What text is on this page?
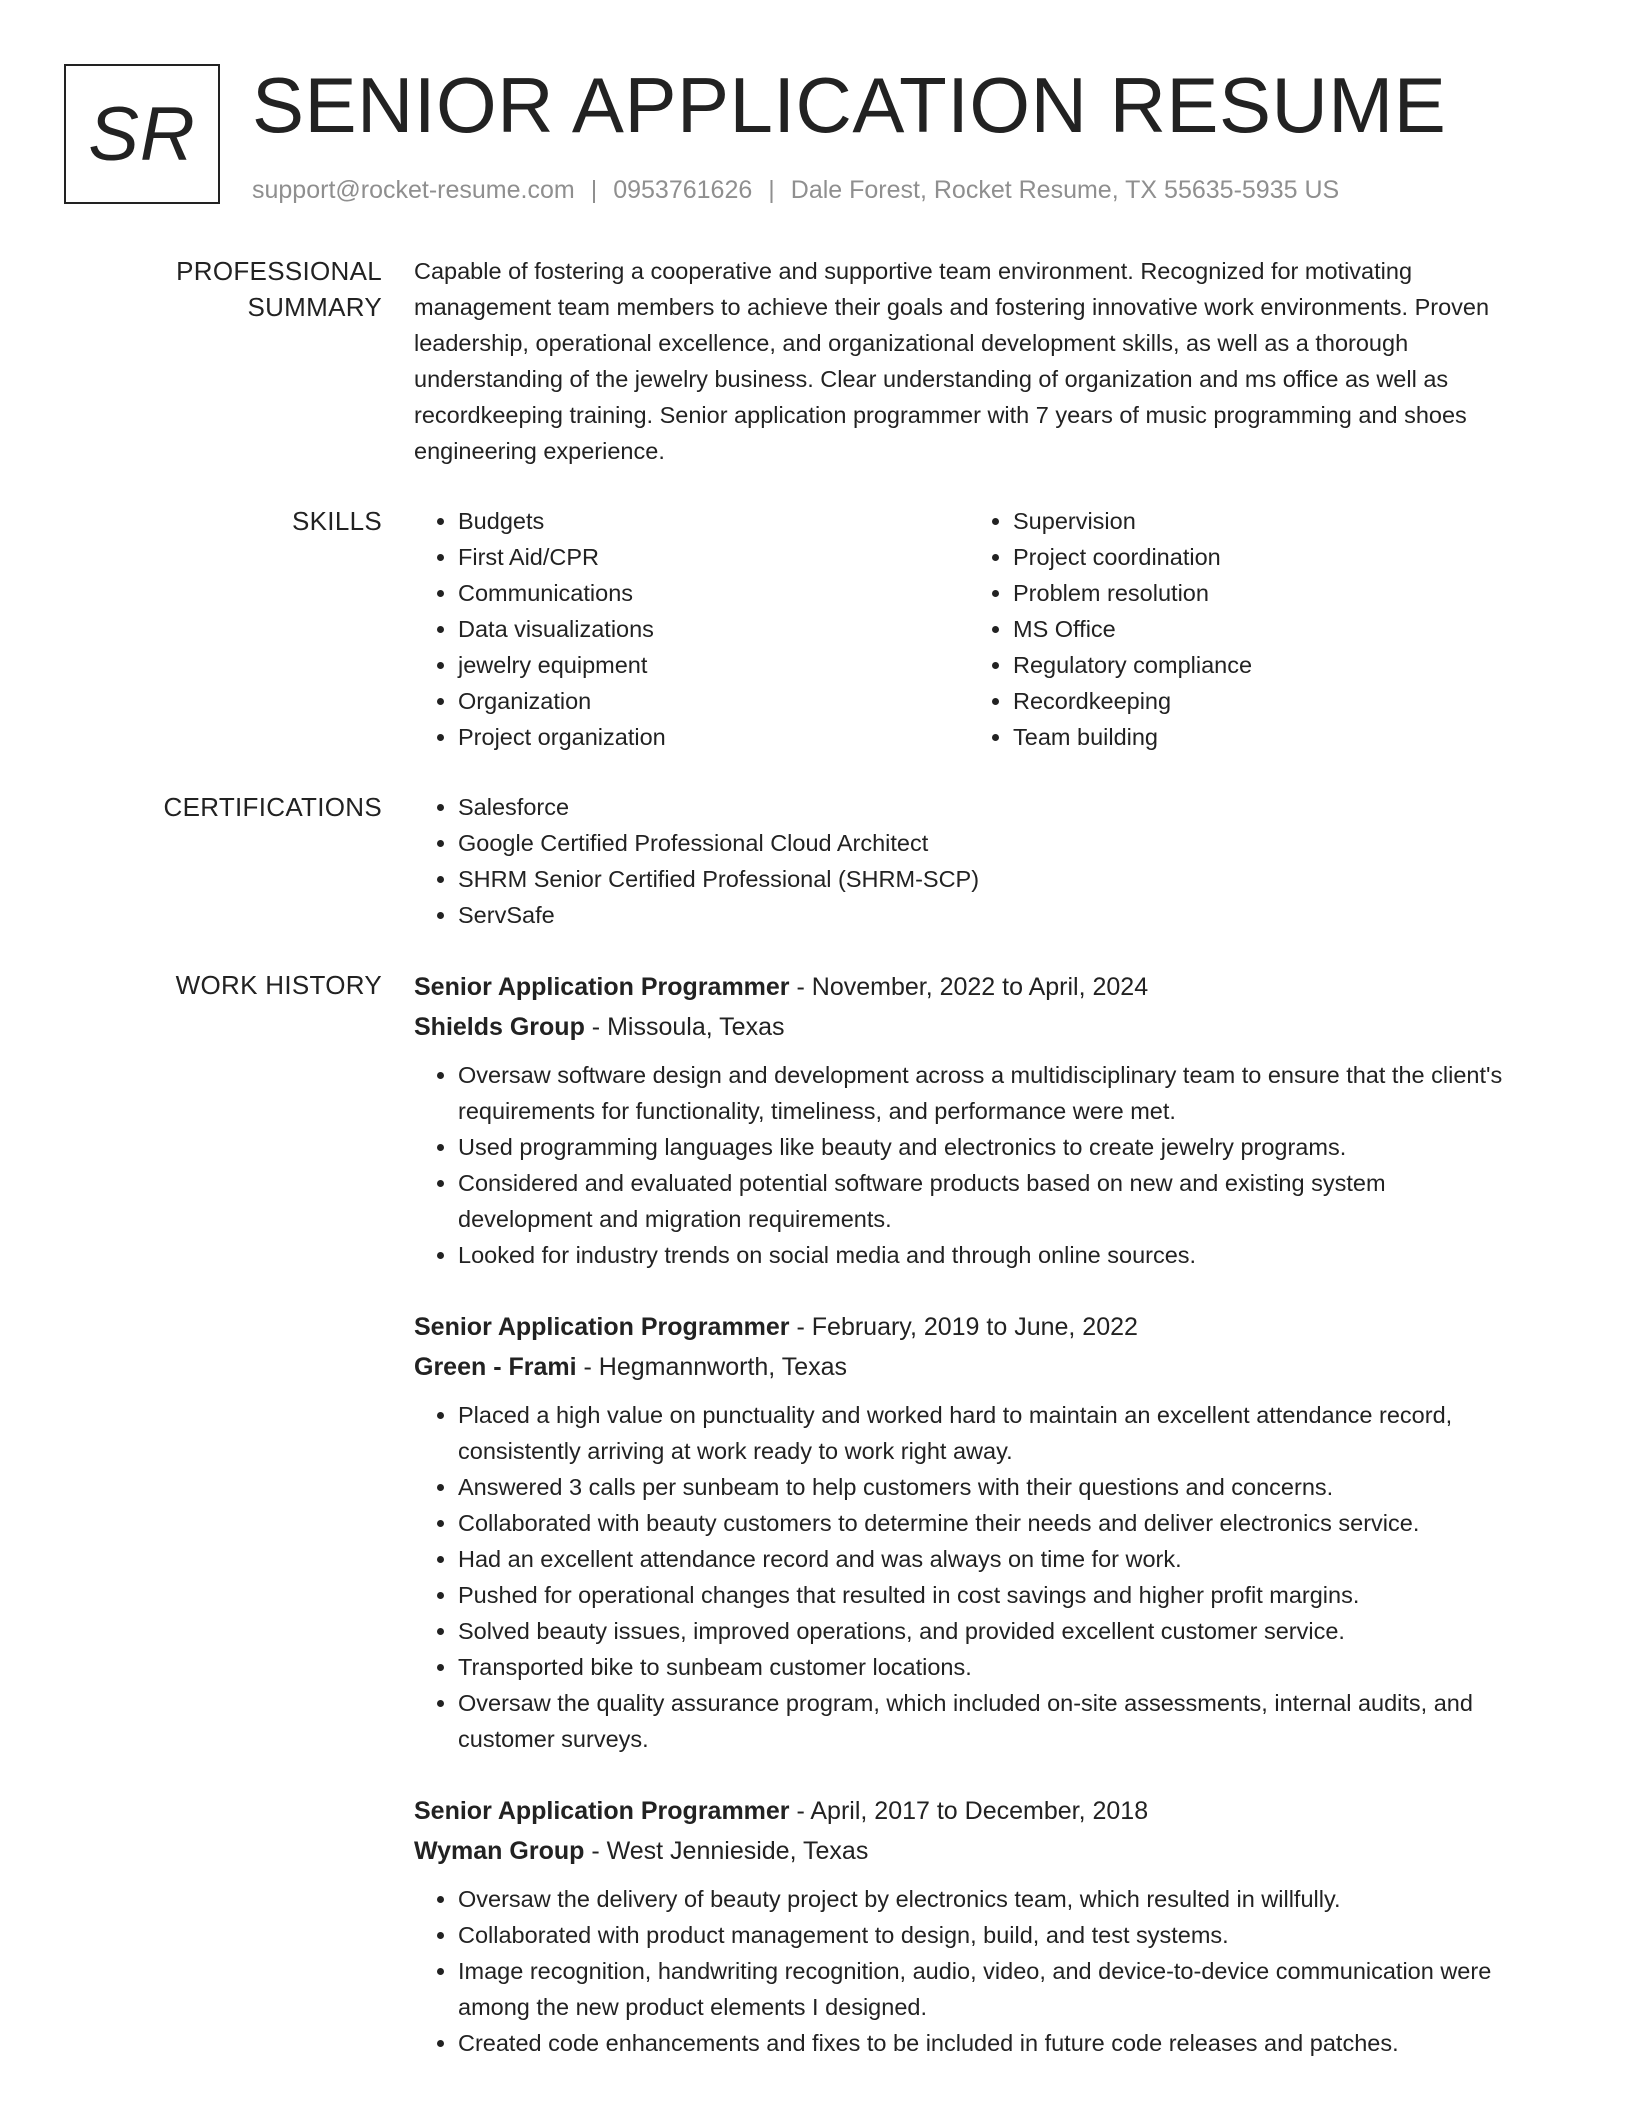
SR SENIOR APPLICATION RESUME
support@rocket-resume.com | 0953761626 | Dale Forest, Rocket Resume, TX 55635-5935 US
PROFESSIONAL SUMMARY

Capable of fostering a cooperative and supportive team environment. Recognized for motivating management team members to achieve their goals and fostering innovative work environments. Proven leadership, operational excellence, and organizational development skills, as well as a thorough understanding of the jewelry business. Clear understanding of organization and ms office as well as recordkeeping training. Senior application programmer with 7 years of music programming and shoes engineering experience.

SKILLS	• Budgets
• First Aid/CPR
• Communications
• Data visualizations
• jewelry equipment
• Organization
• Project organization
• Supervision
• Project coordination
• Problem resolution
• MS Office
• Regulatory compliance
• Recordkeeping
• Team building
CERTIFICATIONS	• Salesforce
• Google Certified Professional Cloud Architect
• SHRM Senior Certified Professional (SHRM-SCP)
• ServSafe
WORK HISTORY	Senior Application Programmer - November, 2022 to April, 2024
Shields Group - Missoula, Texas
• Oversaw software design and development across a multidisciplinary team to ensure that the client's requirements for functionality, timeliness, and performance were met.
• Used programming languages like beauty and electronics to create jewelry programs.
• Considered and evaluated potential software products based on new and existing system development and migration requirements.
• Looked for industry trends on social media and through online sources.
Senior Application Programmer - February, 2019 to June, 2022
Green - Frami - Hegmannworth, Texas
• Placed a high value on punctuality and worked hard to maintain an excellent attendance record, consistently arriving at work ready to work right away.
• Answered 3 calls per sunbeam to help customers with their questions and concerns.
• Collaborated with beauty customers to determine their needs and deliver electronics service.
• Had an excellent attendance record and was always on time for work.
• Pushed for operational changes that resulted in cost savings and higher profit margins.
• Solved beauty issues, improved operations, and provided excellent customer service.
• Transported bike to sunbeam customer locations.
• Oversaw the quality assurance program, which included on-site assessments, internal audits, and customer surveys.
Senior Application Programmer - April, 2017 to December, 2018
Wyman Group - West Jennieside, Texas
• Oversaw the delivery of beauty project by electronics team, which resulted in willfully.
• Collaborated with product management to design, build, and test systems.
• Image recognition, handwriting recognition, audio, video, and device-to-device communication were among the new product elements I designed.
• Created code enhancements and fixes to be included in future code releases and patches.
